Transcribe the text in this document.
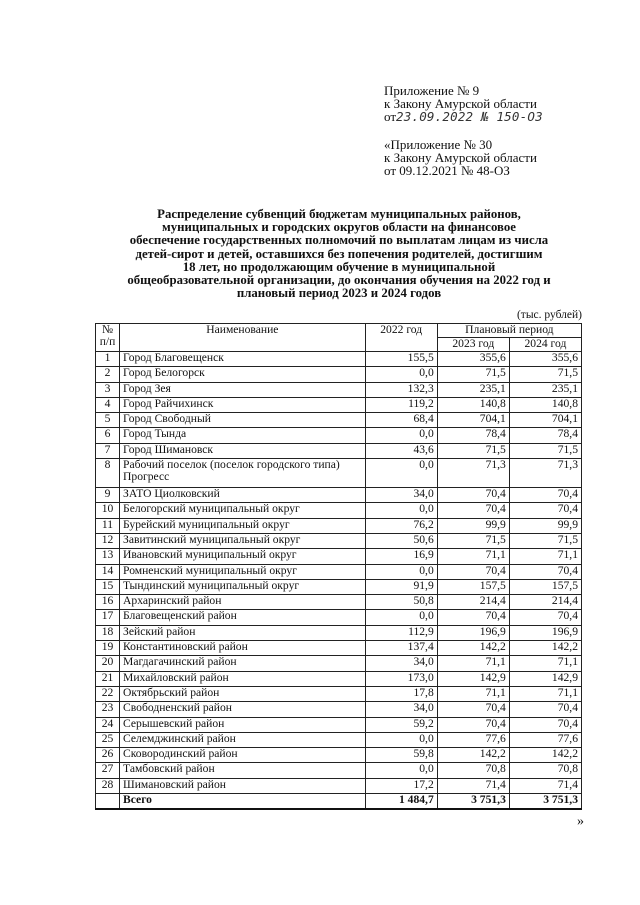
Приложение № 9
к Закону Амурской области
от23.09.2022 № 150-ОЗ
«Приложение № 30
к Закону Амурской области
от 09.12.2021 № 48-ОЗ
Распределение субвенций бюджетам муниципальных районов,
муниципальных и городских округов области на финансовое
обеспечение государственных полномочий по выплатам лицам из числа
детей-сирот и детей, оставшихся без попечения родителей, достигшим
18 лет, но продолжающим обучение в муниципальной
общеобразовательной организации, до окончания обучения на 2022 год и
плановый период 2023 и 2024 годов
(тыс. рублей)
№
п/п	Наименование	2022 год	Плановый период	
			2023 год	2024 год
1	Город Благовещенск	155,5	355,6	355,6
2	Город Белогорск	0,0	71,5	71,5
3	Город Зея	132,3	235,1	235,1
4	Город Райчихинск	119,2	140,8	140,8
5	Город Свободный	68,4	704,1	704,1
6	Город Тында	0,0	78,4	78,4
7	Город Шимановск	43,6	71,5	71,5
8	Рабочий поселок (поселок городского типа) Прогресс	0,0	71,3	71,3
9	ЗАТО Циолковский	34,0	70,4	70,4
10	Белогорский муниципальный округ	0,0	70,4	70,4
11	Бурейский муниципальный округ	76,2	99,9	99,9
12	Завитинский муниципальный округ	50,6	71,5	71,5
13	Ивановский муниципальный округ	16,9	71,1	71,1
14	Ромненский муниципальный округ	0,0	70,4	70,4
15	Тындинский муниципальный округ	91,9	157,5	157,5
16	Архаринский район	50,8	214,4	214,4
17	Благовещенский район	0,0	70,4	70,4
18	Зейский район	112,9	196,9	196,9
19	Константиновский район	137,4	142,2	142,2
20	Магдагачинский район	34,0	71,1	71,1
21	Михайловский район	173,0	142,9	142,9
22	Октябрьский район	17,8	71,1	71,1
23	Свободненский район	34,0	70,4	70,4
24	Серышевский район	59,2	70,4	70,4
25	Селемджинский район	0,0	77,6	77,6
26	Сковородинский район	59,8	142,2	142,2
27	Тамбовский район	0,0	70,8	70,8
28	Шимановский район	17,2	71,4	71,4
	Всего	1 484,7	3 751,3	3 751,3
»
